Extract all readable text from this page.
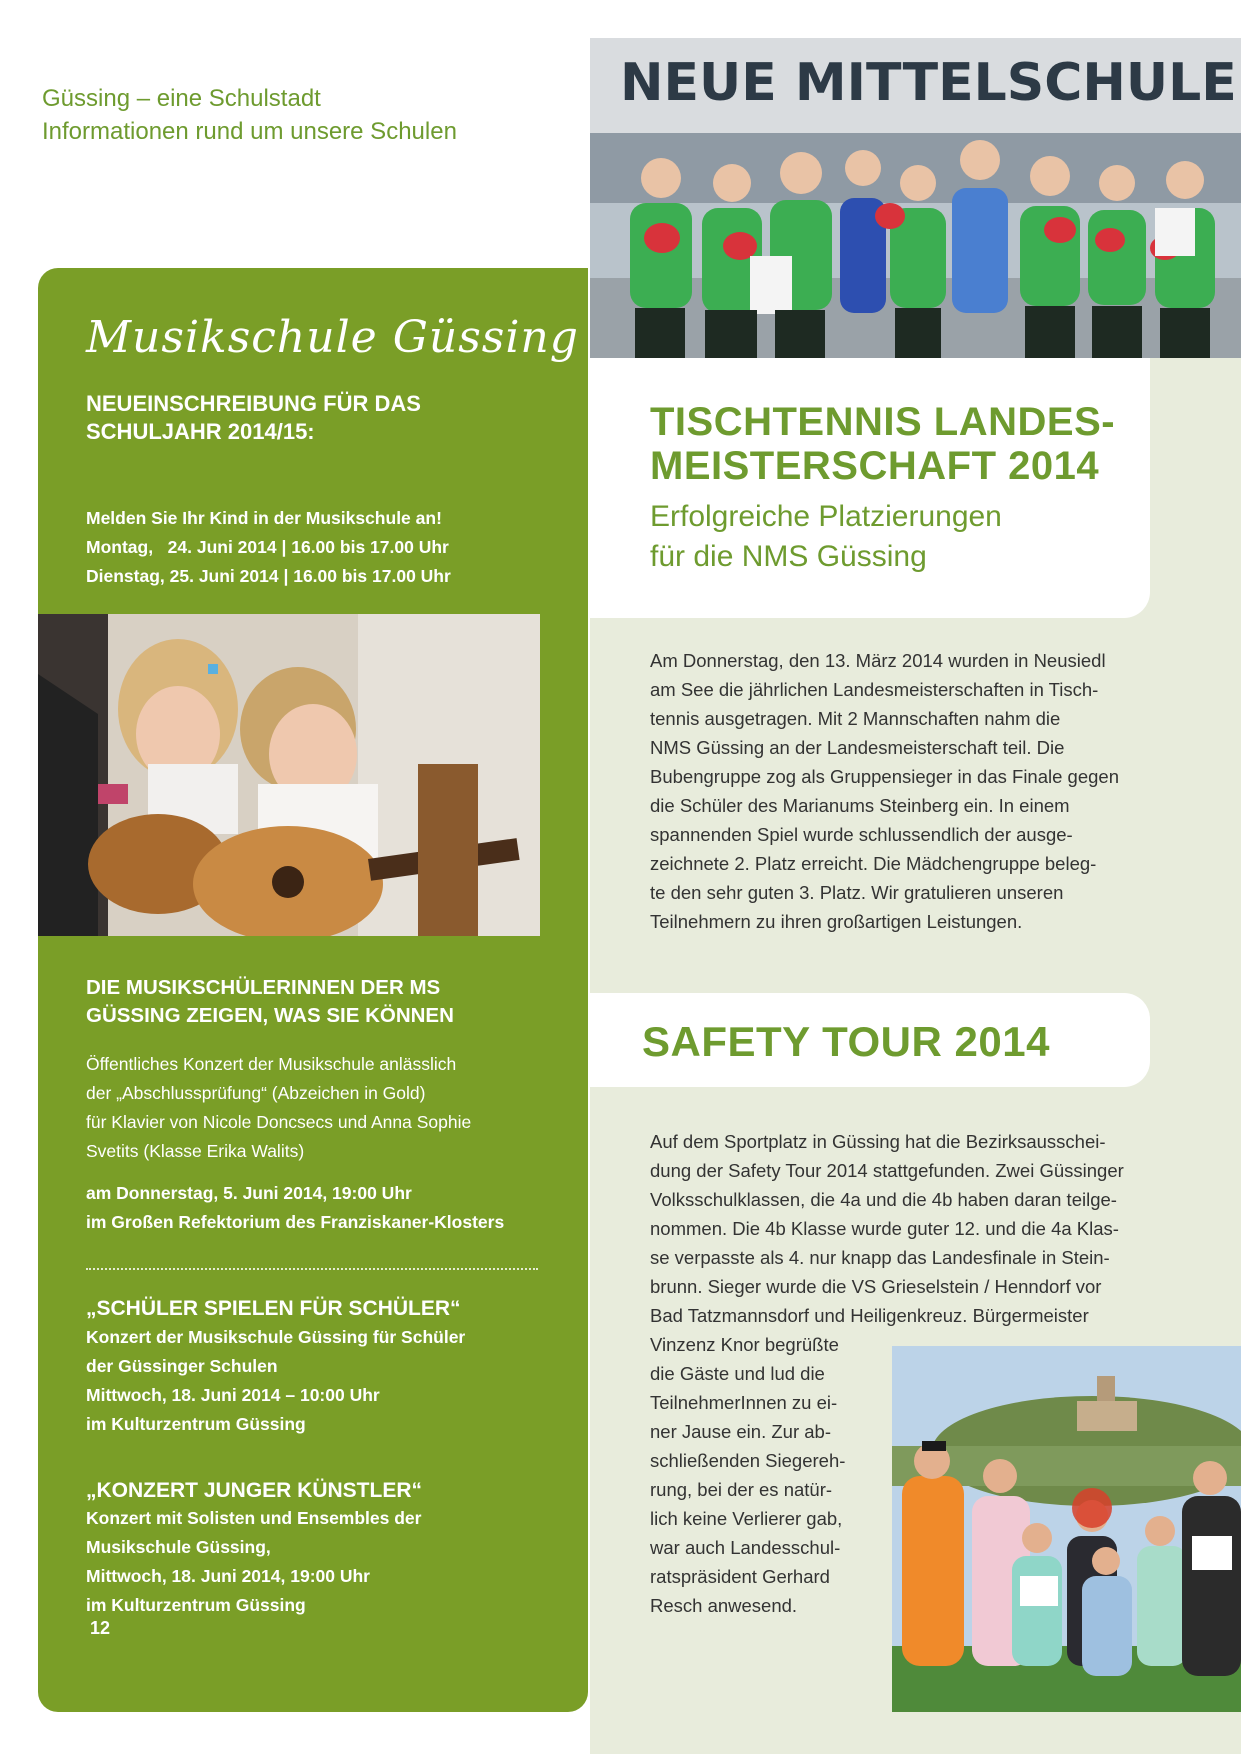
Güssing – eine Schulstadt
Informationen rund um unsere Schulen
NEUE MITTELSCHULE
Musikschule Güssing
NEUEINSCHREIBUNG FÜR DAS
SCHULJAHR 2014/15:
Melden Sie Ihr Kind in der Musikschule an!
Montag,   24. Juni 2014 | 16.00 bis 17.00 Uhr
Dienstag, 25. Juni 2014 | 16.00 bis 17.00 Uhr
DIE MUSIKSCHÜLERINNEN DER MS
GÜSSING ZEIGEN, WAS SIE KÖNNEN
Öffentliches Konzert der Musikschule anlässlich
der „Abschlussprüfung“ (Abzeichen in Gold)
für Klavier von Nicole Doncsecs und Anna Sophie
Svetits (Klasse Erika Walits)
am Donnerstag, 5. Juni 2014, 19:00 Uhr
im Großen Refektorium des Franziskaner-Klosters
„SCHÜLER SPIELEN FÜR SCHÜLER“
Konzert der Musikschule Güssing für Schüler
der Güssinger Schulen
Mittwoch, 18. Juni 2014 – 10:00 Uhr
im Kulturzentrum Güssing
„KONZERT JUNGER KÜNSTLER“
Konzert mit Solisten und Ensembles der
Musikschule Güssing,
Mittwoch, 18. Juni 2014, 19:00 Uhr
im Kulturzentrum Güssing
12
TISCHTENNIS LANDES-
MEISTERSCHAFT 2014
Erfolgreiche Platzierungen
für die NMS Güssing
Am Donnerstag, den 13. März 2014 wurden in Neusiedl
am See die jährlichen Landesmeisterschaften in Tisch-
tennis ausgetragen. Mit 2 Mannschaften nahm die
NMS Güssing an der Landesmeisterschaft teil. Die
Bubengruppe zog als Gruppensieger in das Finale gegen
die Schüler des Marianums Steinberg ein. In einem
spannenden Spiel wurde schlussendlich der ausge-
zeichnete 2. Platz erreicht. Die Mädchengruppe beleg-
te den sehr guten 3. Platz. Wir gratulieren unseren
Teilnehmern zu ihren großartigen Leistungen.
SAFETY TOUR 2014
Auf dem Sportplatz in Güssing hat die Bezirksausschei-
dung der Safety Tour 2014 stattgefunden. Zwei Güssinger
Volksschulklassen, die 4a und die 4b haben daran teilge-
nommen. Die 4b Klasse wurde guter 12. und die 4a Klas-
se verpasste als 4. nur knapp das Landesfinale in Stein-
brunn. Sieger wurde die VS Grieselstein / Henndorf vor
Bad Tatzmannsdorf und Heiligenkreuz. Bürgermeister
Vinzenz Knor begrüßte
die Gäste und lud die
TeilnehmerInnen zu ei-
ner Jause ein. Zur ab-
schließenden Siegereh-
rung, bei der es natür-
lich keine Verlierer gab,
war auch Landesschul-
ratspräsident Gerhard
Resch anwesend.
